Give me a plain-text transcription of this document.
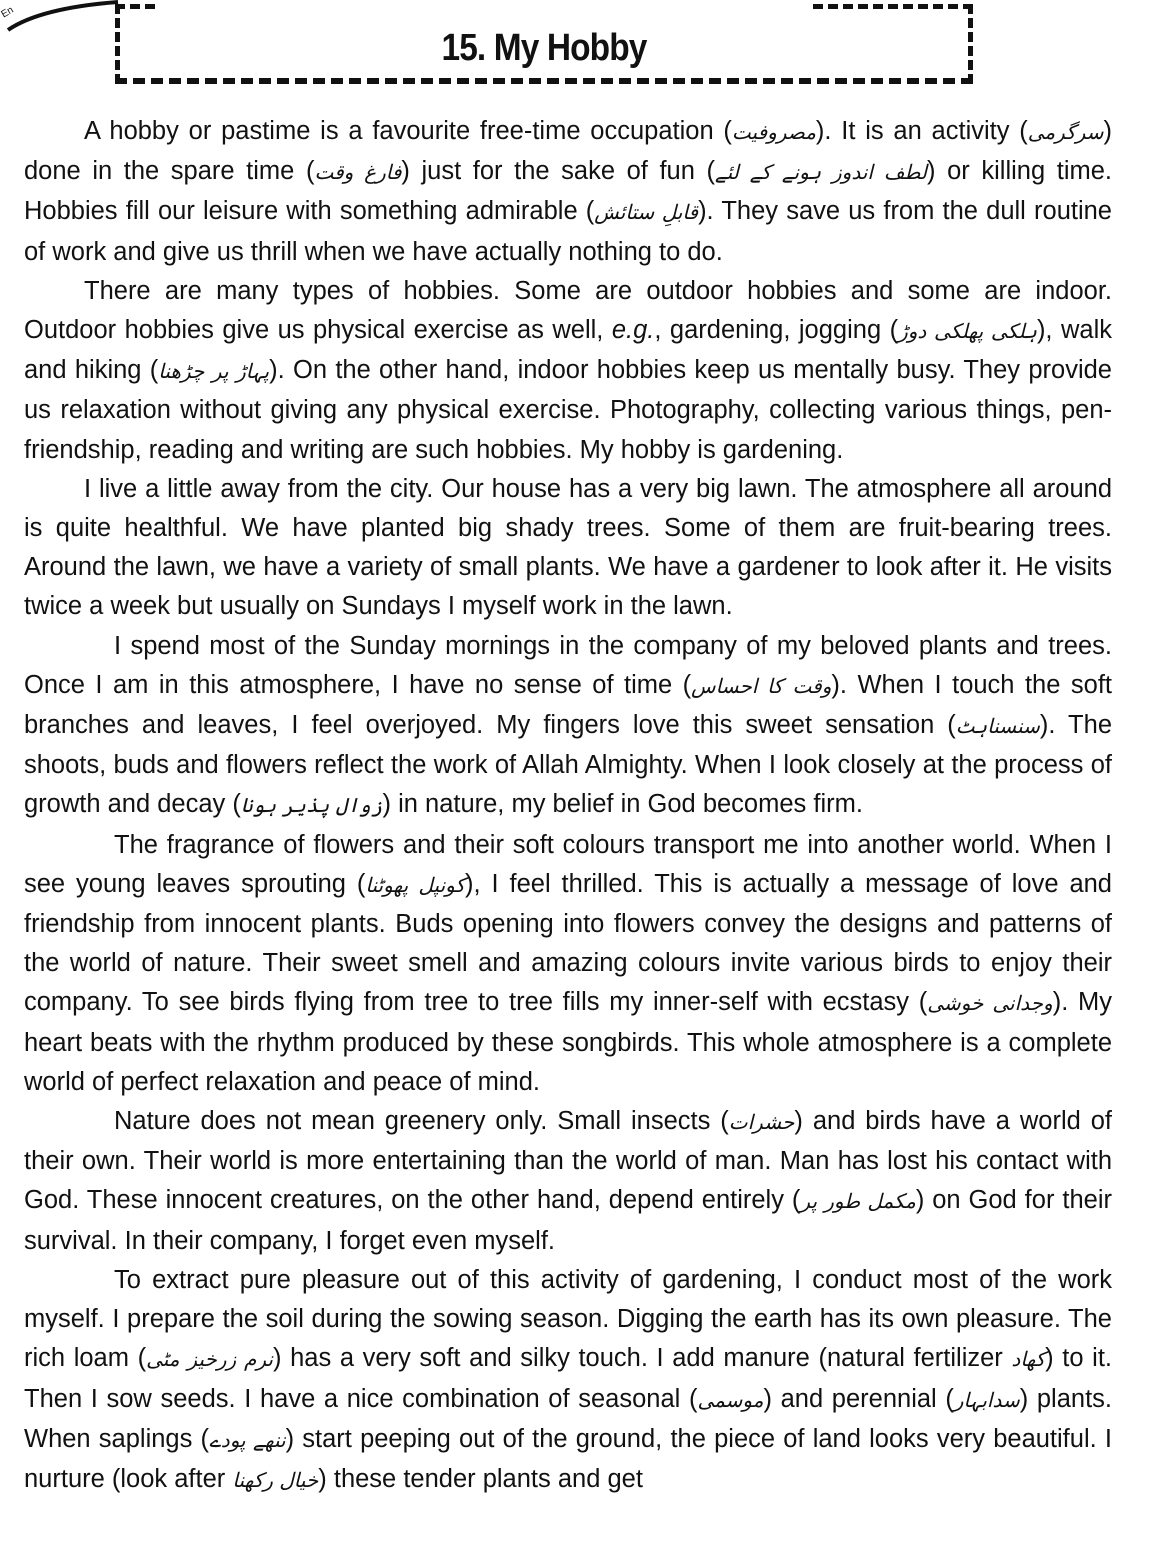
En
15. My Hobby

A hobby or pastime is a favourite free-time occupation (مصروفیت). It is an activity (سرگرمی) done in the spare time (فارغ وقت) just for the sake of fun (لطف اندوز ہونے کے لئے) or killing time. Hobbies fill our leisure with something admirable (قابلِ ستائش). They save us from the dull routine of work and give us thrill when we have actually nothing to do.

There are many types of hobbies. Some are outdoor hobbies and some are indoor. Outdoor hobbies give us physical exercise as well, e.g., gardening, jogging (ہلکی پھلکی دوڑ), walk and hiking (پہاڑ پر چڑھنا). On the other hand, indoor hobbies keep us mentally busy. They provide us relaxation without giving any physical exercise. Photography, collecting various things, pen-friendship, reading and writing are such hobbies. My hobby is gardening.

I live a little away from the city. Our house has a very big lawn. The atmosphere all around is quite healthful. We have planted big shady trees. Some of them are fruit-bearing trees. Around the lawn, we have a variety of small plants. We have a gardener to look after it. He visits twice a week but usually on Sundays I myself work in the lawn.

I spend most of the Sunday mornings in the company of my beloved plants and trees. Once I am in this atmosphere, I have no sense of time (وقت کا احساس). When I touch the soft branches and leaves, I feel overjoyed. My fingers love this sweet sensation (سنسناہٹ). The shoots, buds and flowers reflect the work of Allah Almighty. When I look closely at the process of growth and decay (زوال پذیر ہونا) in nature, my belief in God becomes firm.

The fragrance of flowers and their soft colours transport me into another world. When I see young leaves sprouting (کونپل پھوٹنا), I feel thrilled. This is actually a message of love and friendship from innocent plants. Buds opening into flowers convey the designs and patterns of the world of nature. Their sweet smell and amazing colours invite various birds to enjoy their company. To see birds flying from tree to tree fills my inner-self with ecstasy (وجدانی خوشی). My heart beats with the rhythm produced by these songbirds. This whole atmosphere is a complete world of perfect relaxation and peace of mind.

Nature does not mean greenery only. Small insects (حشرات) and birds have a world of their own. Their world is more entertaining than the world of man. Man has lost his contact with God. These innocent creatures, on the other hand, depend entirely (مکمل طور پر) on God for their survival. In their company, I forget even myself.

To extract pure pleasure out of this activity of gardening, I conduct most of the work myself. I prepare the soil during the sowing season. Digging the earth has its own pleasure. The rich loam (نرم زرخیز مٹی) has a very soft and silky touch. I add manure (natural fertilizer کھاد) to it. Then I sow seeds. I have a nice combination of seasonal (موسمی) and perennial (سدابہار) plants. When saplings (ننھے پودے) start peeping out of the ground, the piece of land looks very beautiful. I nurture (look after خیال رکھنا) these tender plants and get
